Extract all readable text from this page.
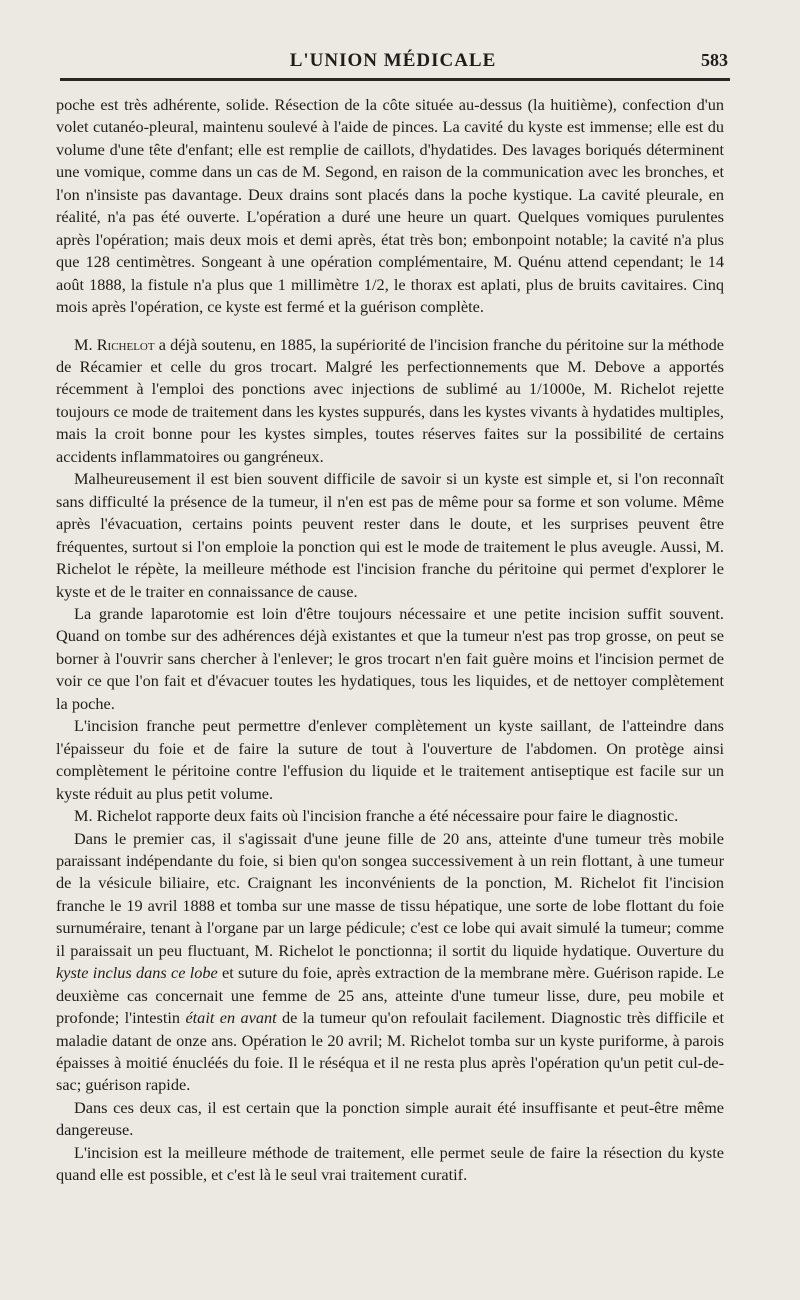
L'UNION MÉDICALE	583

poche est très adhérente, solide. Résection de la côte située au-dessus (la huitième), confection d'un volet cutanéo-pleural, maintenu soulevé à l'aide de pinces. La cavité du kyste est immense; elle est du volume d'une tête d'enfant; elle est remplie de caillots, d'hydatides. Des lavages boriqués déterminent une vomique, comme dans un cas de M. Segond, en raison de la communication avec les bronches, et l'on n'insiste pas davantage. Deux drains sont placés dans la poche kystique. La cavité pleurale, en réalité, n'a pas été ouverte. L'opération a duré une heure un quart. Quelques vomiques purulentes après l'opération; mais deux mois et demi après, état très bon; embonpoint notable; la cavité n'a plus que 128 centimètres. Songeant à une opération complémentaire, M. Quénu attend cependant; le 14 août 1888, la fistule n'a plus que 1 millimètre 1/2, le thorax est aplati, plus de bruits cavitaires. Cinq mois après l'opération, ce kyste est fermé et la guérison complète.

M. Richelot a déjà soutenu, en 1885, la supériorité de l'incision franche du péritoine sur la méthode de Récamier et celle du gros trocart. Malgré les perfectionnements que M. Debove a apportés récemment à l'emploi des ponctions avec injections de sublimé au 1/1000e, M. Richelot rejette toujours ce mode de traitement dans les kystes suppurés, dans les kystes vivants à hydatides multiples, mais la croit bonne pour les kystes simples, toutes réserves faites sur la possibilité de certains accidents inflammatoires ou gangréneux.

Malheureusement il est bien souvent difficile de savoir si un kyste est simple et, si l'on reconnaît sans difficulté la présence de la tumeur, il n'en est pas de même pour sa forme et son volume. Même après l'évacuation, certains points peuvent rester dans le doute, et les surprises peuvent être fréquentes, surtout si l'on emploie la ponction qui est le mode de traitement le plus aveugle. Aussi, M. Richelot le répète, la meilleure méthode est l'incision franche du péritoine qui permet d'explorer le kyste et de le traiter en connaissance de cause.

La grande laparotomie est loin d'être toujours nécessaire et une petite incision suffit souvent. Quand on tombe sur des adhérences déjà existantes et que la tumeur n'est pas trop grosse, on peut se borner à l'ouvrir sans chercher à l'enlever; le gros trocart n'en fait guère moins et l'incision permet de voir ce que l'on fait et d'évacuer toutes les hydatiques, tous les liquides, et de nettoyer complètement la poche.

L'incision franche peut permettre d'enlever complètement un kyste saillant, de l'atteindre dans l'épaisseur du foie et de faire la suture de tout à l'ouverture de l'abdomen. On protège ainsi complètement le péritoine contre l'effusion du liquide et le traitement antiseptique est facile sur un kyste réduit au plus petit volume.

M. Richelot rapporte deux faits où l'incision franche a été nécessaire pour faire le diagnostic.

Dans le premier cas, il s'agissait d'une jeune fille de 20 ans, atteinte d'une tumeur très mobile paraissant indépendante du foie, si bien qu'on songea successivement à un rein flottant, à une tumeur de la vésicule biliaire, etc. Craignant les inconvénients de la ponction, M. Richelot fit l'incision franche le 19 avril 1888 et tomba sur une masse de tissu hépatique, une sorte de lobe flottant du foie surnuméraire, tenant à l'organe par un large pédicule; c'est ce lobe qui avait simulé la tumeur; comme il paraissait un peu fluctuant, M. Richelot le ponctionna; il sortit du liquide hydatique. Ouverture du kyste inclus dans ce lobe et suture du foie, après extraction de la membrane mère. Guérison rapide. Le deuxième cas concernait une femme de 25 ans, atteinte d'une tumeur lisse, dure, peu mobile et profonde; l'intestin était en avant de la tumeur qu'on refoulait facilement. Diagnostic très difficile et maladie datant de onze ans. Opération le 20 avril; M. Richelot tomba sur un kyste puriforme, à parois épaisses à moitié énucléés du foie. Il le réséqua et il ne resta plus après l'opération qu'un petit cul-de-sac; guérison rapide.

Dans ces deux cas, il est certain que la ponction simple aurait été insuffisante et peut-être même dangereuse.

L'incision est la meilleure méthode de traitement, elle permet seule de faire la résection du kyste quand elle est possible, et c'est là le seul vrai traitement curatif.
